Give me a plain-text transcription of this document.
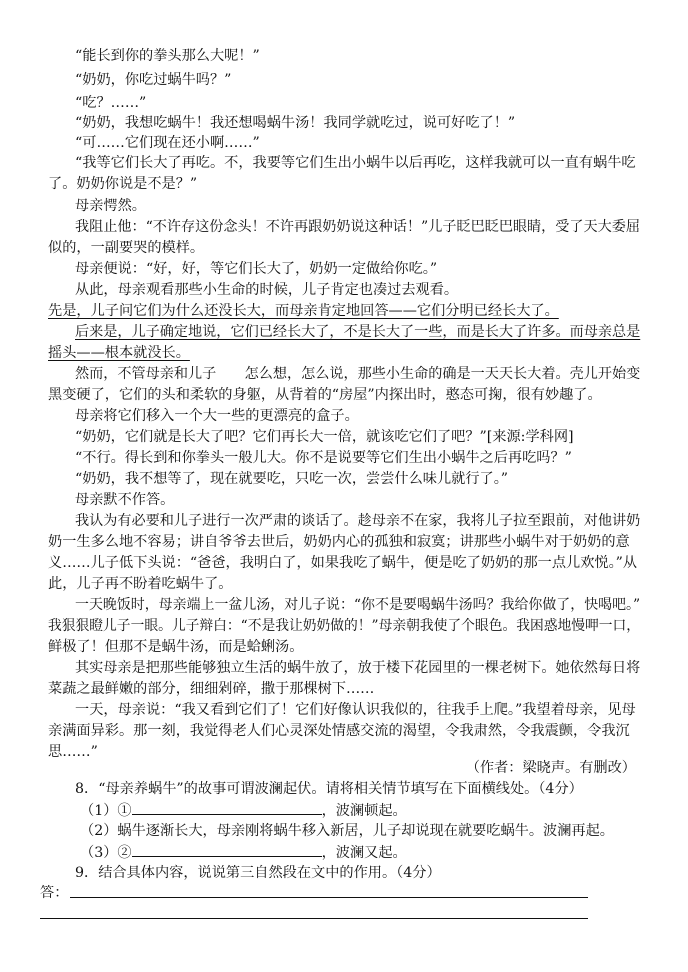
“能长到你的拳头那么大呢！”
“奶奶，你吃过蜗牛吗？”
“吃？……”
“奶奶，我想吃蜗牛！我还想喝蜗牛汤！我同学就吃过，说可好吃了！”
“可……它们现在还小啊……”
“我等它们长大了再吃。不，我要等它们生出小蜗牛以后再吃，这样我就可以一直有蜗牛吃
了。奶奶你说是不是？”
母亲愕然。
我阻止他：“不许存这份念头！不许再跟奶奶说这种话！”儿子眨巴眨巴眼睛，受了天大委屈
似的，一副要哭的模样。
母亲便说：“好，好，等它们长大了，奶奶一定做给你吃。”
从此，母亲观看那些小生命的时候，儿子肯定也凑过去观看。
先是，儿子问它们为什么还没长大，而母亲肯定地回答——它们分明已经长大了。
后来是，儿子确定地说，它们已经长大了，不是长大了一些，而是长大了许多。而母亲总是
摇头——根本就没长。
然而，不管母亲和儿子　　怎么想，怎么说，那些小生命的确是一天天长大着。壳儿开始变
黑变硬了，它们的头和柔软的身躯，从背着的“房屋”内探出时，憨态可掬，很有妙趣了。
母亲将它们移入一个大一些的更漂亮的盒子。
“奶奶，它们就是长大了吧？它们再长大一倍，就该吃它们了吧？”[来源:学科网]
“不行。得长到和你拳头一般儿大。你不是说要等它们生出小蜗牛之后再吃吗？”
“奶奶，我不想等了，现在就要吃，只吃一次，尝尝什么味儿就行了。”
母亲默不作答。
我认为有必要和儿子进行一次严肃的谈话了。趁母亲不在家，我将儿子拉至跟前，对他讲奶
奶一生多么地不容易；讲自爷爷去世后，奶奶内心的孤独和寂寞；讲那些小蜗牛对于奶奶的意
义……儿子低下头说：“爸爸，我明白了，如果我吃了蜗牛，便是吃了奶奶的那一点儿欢悦。”从
此，儿子再不盼着吃蜗牛了。
一天晚饭时，母亲端上一盆儿汤，对儿子说：“你不是要喝蜗牛汤吗？我给你做了，快喝吧。”
我狠狠瞪儿子一眼。儿子辩白：“不是我让奶奶做的！”母亲朝我使了个眼色。我困惑地慢呷一口，
鲜极了！但那不是蜗牛汤，而是蛤蜊汤。
其实母亲是把那些能够独立生活的蜗牛放了，放于楼下花园里的一棵老树下。她依然每日将
菜蔬之最鲜嫩的部分，细细剁碎，撒于那棵树下……
一天，母亲说：“我又看到它们了！它们好像认识我似的，往我手上爬。”我望着母亲，见母
亲满面异彩。那一刻，我觉得老人们心灵深处情感交流的渴望，令我肃然，令我震颤，令我沉
思……”
（作者：梁晓声。有删改）
8．“母亲养蜗牛”的故事可谓波澜起伏。请将相关情节填写在下面横线处。（4分）
（1）①	，波澜顿起。
（2）蜗牛逐渐长大，母亲刚将蜗牛移入新居，儿子却说现在就要吃蜗牛。波澜再起。
（3）②	，波澜又起。
9．结合具体内容，说说第三自然段在文中的作用。（4分）
答：
